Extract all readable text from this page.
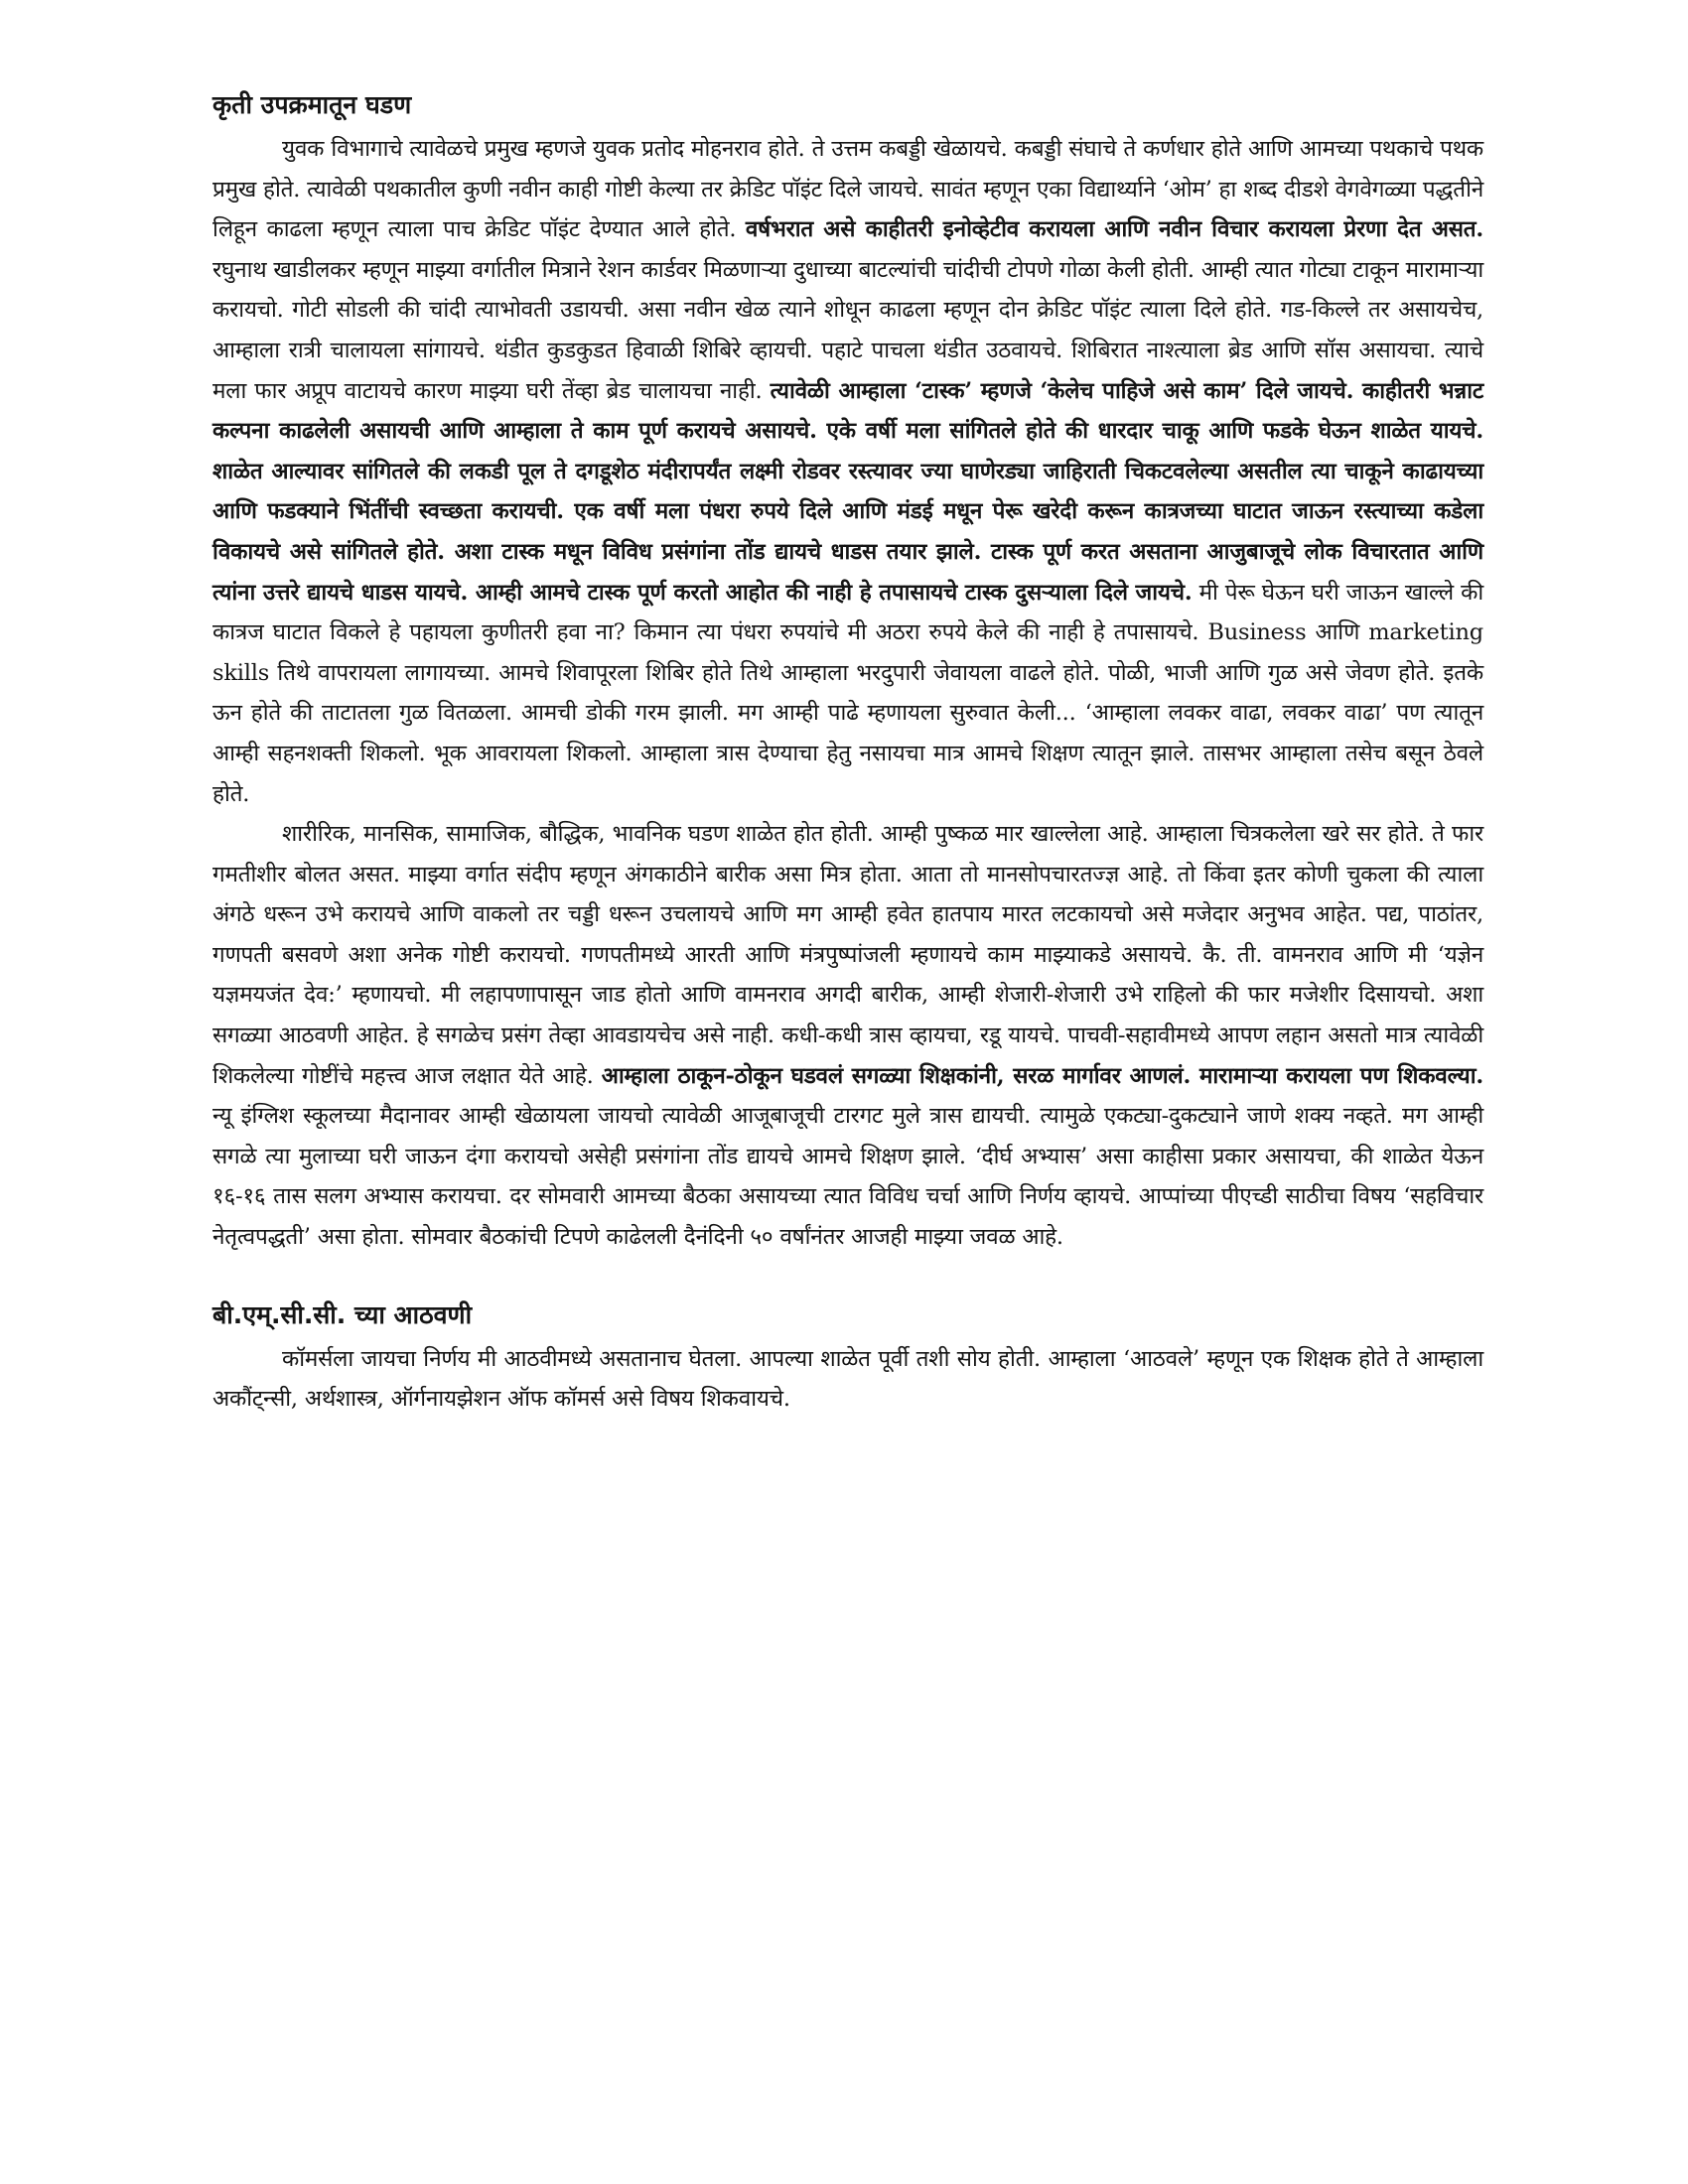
कृती उपक्रमातून घडण

युवक विभागाचे त्यावेळचे प्रमुख म्हणजे युवक प्रतोद मोहनराव होते. ते उत्तम कबड्डी खेळायचे. कबड्डी संघाचे ते कर्णधार होते आणि आमच्या पथकाचे पथक प्रमुख होते. त्यावेळी पथकातील कुणी नवीन काही गोष्टी केल्या तर क्रेडिट पॉइंट दिले जायचे. सावंत म्हणून एका विद्यार्थ्याने ‘ओम’ हा शब्द दीडशे वेगवेगळ्या पद्धतीने लिहून काढला म्हणून त्याला पाच क्रेडिट पॉइंट देण्यात आले होते. वर्षभरात असे काहीतरी इनोव्हेटीव करायला आणि नवीन विचार करायला प्रेरणा देत असत. रघुनाथ खाडीलकर म्हणून माझ्या वर्गातील मित्राने रेशन कार्डवर मिळणाऱ्या दुधाच्या बाटल्यांची चांदीची टोपणे गोळा केली होती. आम्ही त्यात गोट्या टाकून मारामाऱ्या करायचो. गोटी सोडली की चांदी त्याभोवती उडायची. असा नवीन खेळ त्याने शोधून काढला म्हणून दोन क्रेडिट पॉइंट त्याला दिले होते. गड-किल्ले तर असायचेच, आम्हाला रात्री चालायला सांगायचे. थंडीत कुडकुडत हिवाळी शिबिरे व्हायची. पहाटे पाचला थंडीत उठवायचे. शिबिरात नाश्त्याला ब्रेड आणि सॉस असायचा. त्याचे मला फार अप्रूप वाटायचे कारण माझ्या घरी तेंव्हा ब्रेड चालायचा नाही. त्यावेळी आम्हाला ‘टास्क’ म्हणजे ‘केलेच पाहिजे असे काम’ दिले जायचे. काहीतरी भन्नाट कल्पना काढलेली असायची आणि आम्हाला ते काम पूर्ण करायचे असायचे. एके वर्षी मला सांगितले होते की धारदार चाकू आणि फडके घेऊन शाळेत यायचे. शाळेत आल्यावर सांगितले की लकडी पूल ते दगडूशेठ मंदीरापर्यंत लक्ष्मी रोडवर रस्त्यावर ज्या घाणेरड्या जाहिराती चिकटवलेल्या असतील त्या चाकूने काढायच्या आणि फडक्याने भिंतींची स्वच्छता करायची. एक वर्षी मला पंधरा रुपये दिले आणि मंडई मधून पेरू खरेदी करून कात्रजच्या घाटात जाऊन रस्त्याच्या कडेला विकायचे असे सांगितले होते. अशा टास्क मधून विविध प्रसंगांना तोंड द्यायचे धाडस तयार झाले. टास्क पूर्ण करत असताना आजुबाजूचे लोक विचारतात आणि त्यांना उत्तरे द्यायचे धाडस यायचे. आम्ही आमचे टास्क पूर्ण करतो आहोत की नाही हे तपासायचे टास्क दुसऱ्याला दिले जायचे. मी पेरू घेऊन घरी जाऊन खाल्ले की कात्रज घाटात विकले हे पहायला कुणीतरी हवा ना? किमान त्या पंधरा रुपयांचे मी अठरा रुपये केले की नाही हे तपासायचे. Business आणि marketing skills तिथे वापरायला लागायच्या. आमचे शिवापूरला शिबिर होते तिथे आम्हाला भरदुपारी जेवायला वाढले होते. पोळी, भाजी आणि गुळ असे जेवण होते. इतके ऊन होते की ताटातला गुळ वितळला. आमची डोकी गरम झाली. मग आम्ही पाढे म्हणायला सुरुवात केली... ‘आम्हाला लवकर वाढा, लवकर वाढा’ पण त्यातून आम्ही सहनशक्ती शिकलो. भूक आवरायला शिकलो. आम्हाला त्रास देण्याचा हेतु नसायचा मात्र आमचे शिक्षण त्यातून झाले. तासभर आम्हाला तसेच बसून ठेवले होते.

शारीरिक, मानसिक, सामाजिक, बौद्धिक, भावनिक घडण शाळेत होत होती. आम्ही पुष्कळ मार खाल्लेला आहे. आम्हाला चित्रकलेला खरे सर होते. ते फार गमतीशीर बोलत असत. माझ्या वर्गात संदीप म्हणून अंगकाठीने बारीक असा मित्र होता. आता तो मानसोपचारतज्ज्ञ आहे. तो किंवा इतर कोणी चुकला की त्याला अंगठे धरून उभे करायचे आणि वाकलो तर चड्डी धरून उचलायचे आणि मग आम्ही हवेत हातपाय मारत लटकायचो असे मजेदार अनुभव आहेत. पद्य, पाठांतर, गणपती बसवणे अशा अनेक गोष्टी करायचो. गणपतीमध्ये आरती आणि मंत्रपुष्पांजली म्हणायचे काम माझ्याकडे असायचे. कै. ती. वामनराव आणि मी ‘यज्ञेन यज्ञमयजंत देव:’ म्हणायचो. मी लहापणापासून जाड होतो आणि वामनराव अगदी बारीक, आम्ही शेजारी-शेजारी उभे राहिलो की फार मजेशीर दिसायचो. अशा सगळ्या आठवणी आहेत. हे सगळेच प्रसंग तेव्हा आवडायचेच असे नाही. कधी-कधी त्रास व्हायचा, रडू यायचे. पाचवी-सहावीमध्ये आपण लहान असतो मात्र त्यावेळी शिकलेल्या गोष्टींचे महत्त्व आज लक्षात येते आहे. आम्हाला ठाकून-ठोकून घडवलं सगळ्या शिक्षकांनी, सरळ मार्गावर आणलं. मारामाऱ्या करायला पण शिकवल्या. न्यू इंग्लिश स्कूलच्या मैदानावर आम्ही खेळायला जायचो त्यावेळी आजूबाजूची टारगट मुले त्रास द्यायची. त्यामुळे एकट्या-दुकट्याने जाणे शक्य नव्हते. मग आम्ही सगळे त्या मुलाच्या घरी जाऊन दंगा करायचो असेही प्रसंगांना तोंड द्यायचे आमचे शिक्षण झाले. ‘दीर्घ अभ्यास’ असा काहीसा प्रकार असायचा, की शाळेत येऊन १६-१६ तास सलग अभ्यास करायचा. दर सोमवारी आमच्या बैठका असायच्या त्यात विविध चर्चा आणि निर्णय व्हायचे. आप्पांच्या पीएच्डी साठीचा विषय ‘सहविचार नेतृत्वपद्धती’ असा होता. सोमवार बैठकांची टिपणे काढेलली दैनंदिनी ५० वर्षांनंतर आजही माझ्या जवळ आहे.

बी.एम्.सी.सी. च्या आठवणी

कॉमर्सला जायचा निर्णय मी आठवीमध्ये असतानाच घेतला. आपल्या शाळेत पूर्वी तशी सोय होती. आम्हाला ‘आठवले’ म्हणून एक शिक्षक होते ते आम्हाला अकौंट्न्सी, अर्थशास्त्र, ऑर्गनायझेशन ऑफ कॉमर्स असे विषय शिकवायचे.
